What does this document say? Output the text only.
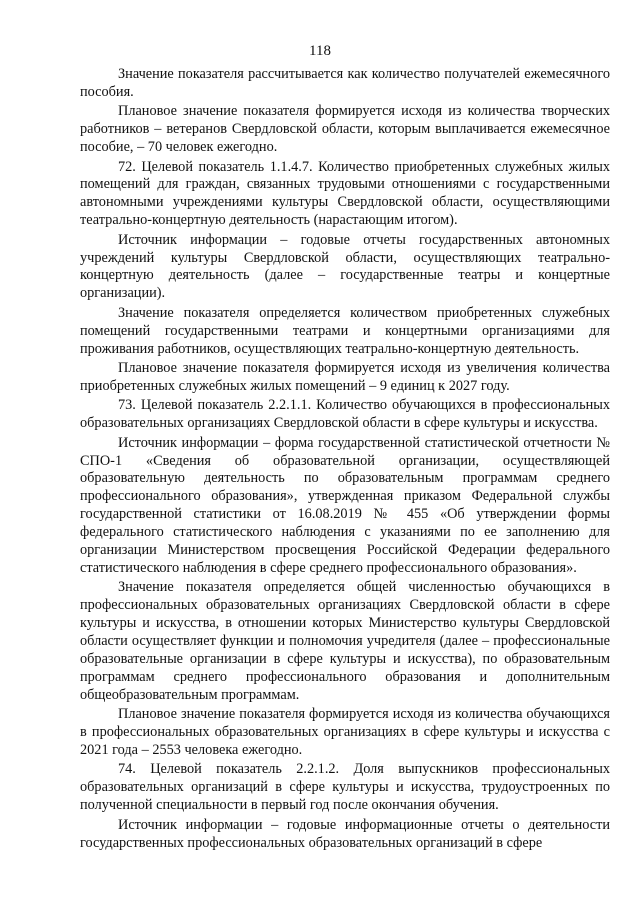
118

Значение показателя рассчитывается как количество получателей ежемесячного пособия.

Плановое значение показателя формируется исходя из количества творческих работников – ветеранов Свердловской области, которым выплачивается ежемесячное пособие, – 70 человек ежегодно.

72. Целевой показатель 1.1.4.7. Количество приобретенных служебных жилых помещений для граждан, связанных трудовыми отношениями с государственными автономными учреждениями культуры Свердловской области, осуществляющими театрально-концертную деятельность (нарастающим итогом).

Источник информации – годовые отчеты государственных автономных учреждений культуры Свердловской области, осуществляющих театрально-концертную деятельность (далее – государственные театры и концертные организации).

Значение показателя определяется количеством приобретенных служебных помещений государственными театрами и концертными организациями для проживания работников, осуществляющих театрально-концертную деятельность.

Плановое значение показателя формируется исходя из увеличения количества приобретенных служебных жилых помещений – 9 единиц к 2027 году.

73. Целевой показатель 2.2.1.1. Количество обучающихся в профессиональных образовательных организациях Свердловской области в сфере культуры и искусства.

Источник информации – форма государственной статистической отчетности № СПО-1 «Сведения об образовательной организации, осуществляющей образовательную деятельность по образовательным программам среднего профессионального образования», утвержденная приказом Федеральной службы государственной статистики от 16.08.2019 № 455 «Об утверждении формы федерального статистического наблюдения с указаниями по ее заполнению для организации Министерством просвещения Российской Федерации федерального статистического наблюдения в сфере среднего профессионального образования».

Значение показателя определяется общей численностью обучающихся в профессиональных образовательных организациях Свердловской области в сфере культуры и искусства, в отношении которых Министерство культуры Свердловской области осуществляет функции и полномочия учредителя (далее – профессиональные образовательные организации в сфере культуры и искусства), по образовательным программам среднего профессионального образования и дополнительным общеобразовательным программам.

Плановое значение показателя формируется исходя из количества обучающихся в профессиональных образовательных организациях в сфере культуры и искусства с 2021 года – 2553 человека ежегодно.

74. Целевой показатель 2.2.1.2. Доля выпускников профессиональных образовательных организаций в сфере культуры и искусства, трудоустроенных по полученной специальности в первый год после окончания обучения.

Источник информации – годовые информационные отчеты о деятельности государственных профессиональных образовательных организаций в сфере
